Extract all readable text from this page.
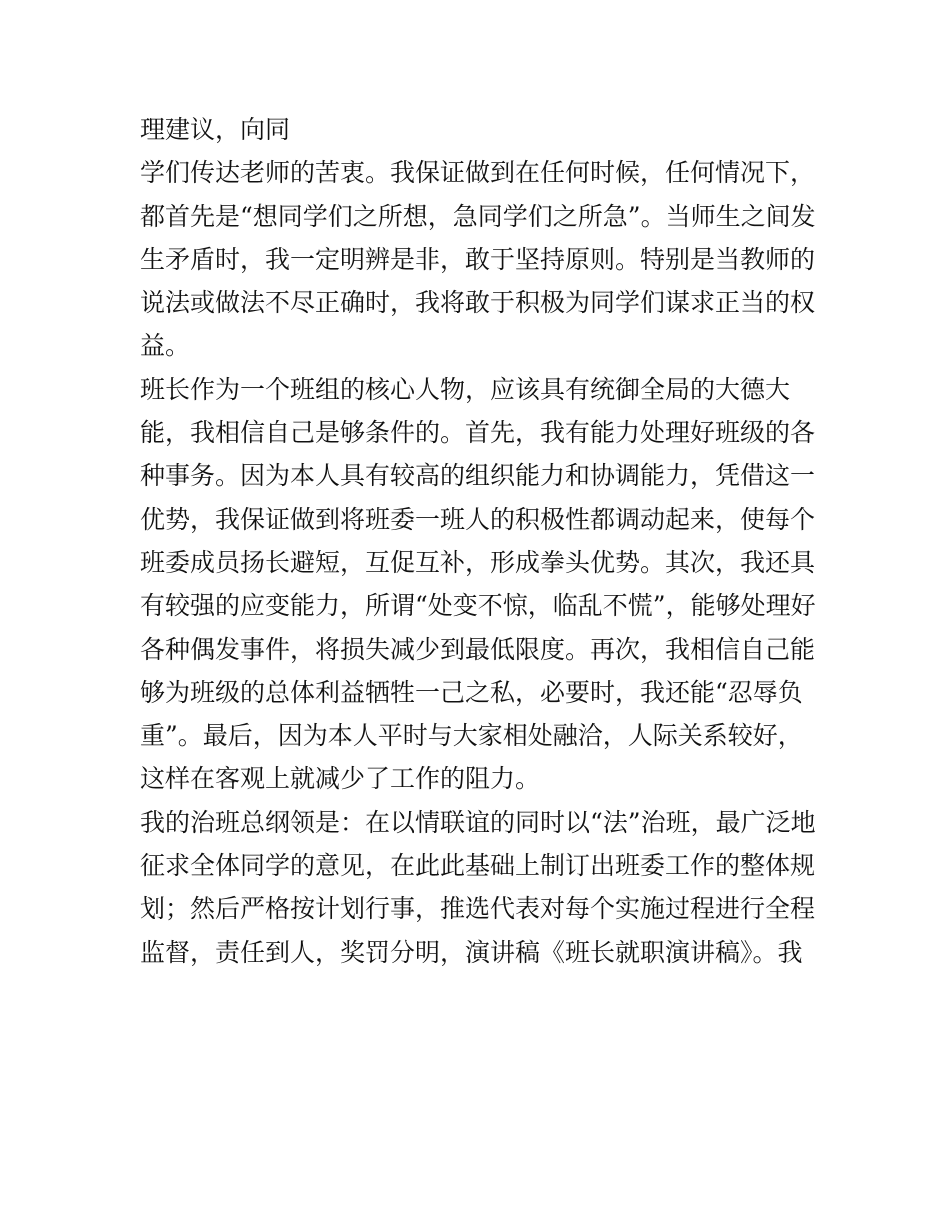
理建议，向同
学们传达老师的苦衷。我保证做到在任何时候，任何情况下，
都首先是“想同学们之所想，急同学们之所急”。当师生之间发
生矛盾时，我一定明辨是非，敢于坚持原则。特别是当教师的
说法或做法不尽正确时，我将敢于积极为同学们谋求正当的权
益。
班长作为一个班组的核心人物，应该具有统御全局的大德大
能，我相信自己是够条件的。首先，我有能力处理好班级的各
种事务。因为本人具有较高的组织能力和协调能力，凭借这一
优势，我保证做到将班委一班人的积极性都调动起来，使每个
班委成员扬长避短，互促互补，形成拳头优势。其次，我还具
有较强的应变能力，所谓“处变不惊，临乱不慌”，能够处理好
各种偶发事件，将损失减少到最低限度。再次，我相信自己能
够为班级的总体利益牺牲一己之私，必要时，我还能“忍辱负
重”。最后，因为本人平时与大家相处融洽，人际关系较好，
这样在客观上就减少了工作的阻力。
我的治班总纲领是：在以情联谊的同时以“法”治班，最广泛地
征求全体同学的意见，在此此基础上制订出班委工作的整体规
划；然后严格按计划行事，推选代表对每个实施过程进行全程
监督，责任到人，奖罚分明，演讲稿《班长就职演讲稿》。我
